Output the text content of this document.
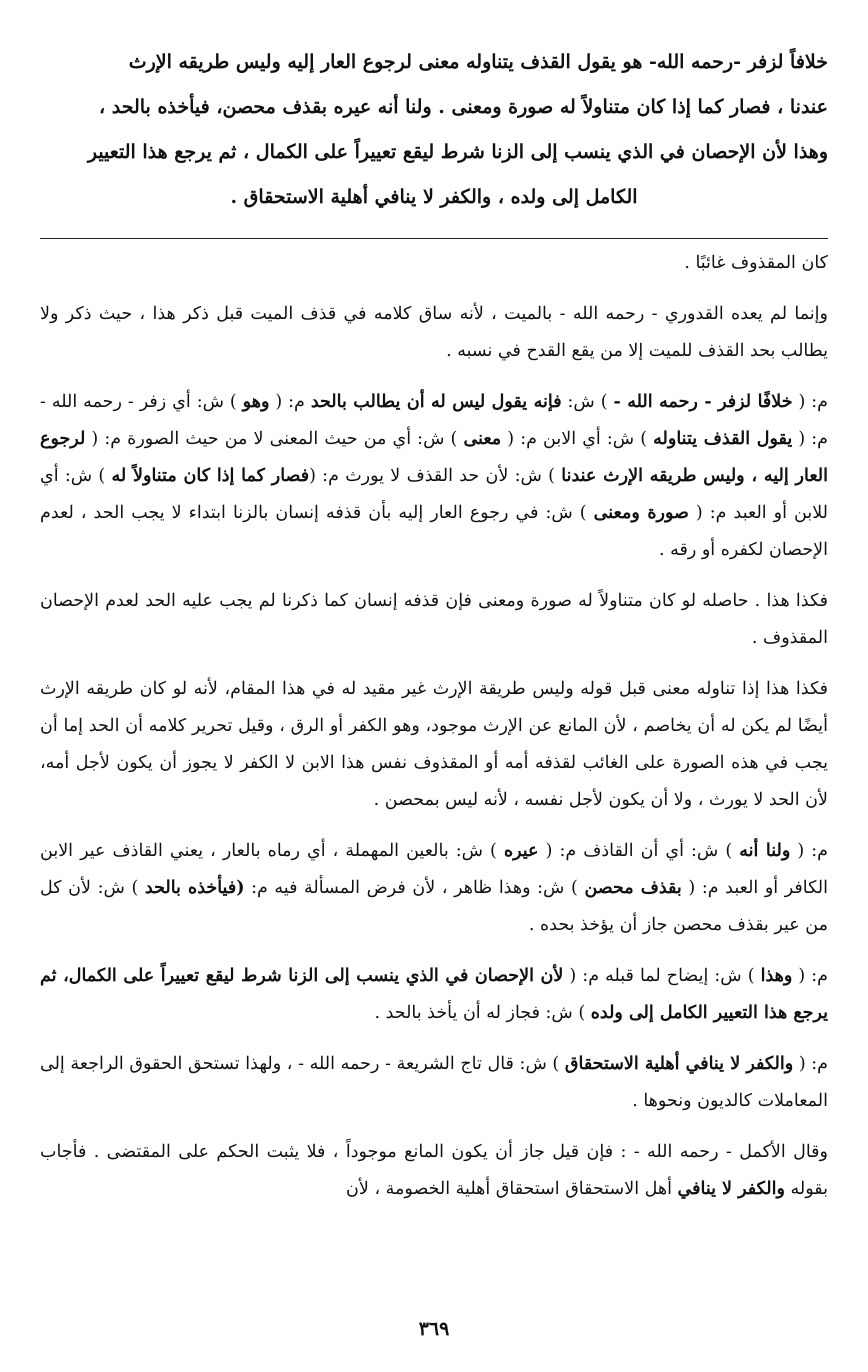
خلافاً لزفر -رحمه الله- هو يقول القذف يتناوله معنى لرجوع العار إليه وليس طريقه الإرث

عندنا ، فصار كما إذا كان متناولاً له صورة ومعنى . ولنا أنه عيره بقذف محصن، فيأخذه بالحد ،

وهذا لأن الإحصان في الذي ينسب إلى الزنا شرط ليقع تعييراً على الكمال ، ثم يرجع هذا التعيير

الكامل إلى ولده ، والكفر لا ينافي أهلية الاستحقاق .

كان المقذوف غائبًا .

وإنما لم يعده القدوري - رحمه الله - بالميت ، لأنه ساق كلامه في قذف الميت قبل ذكر هذا ، حيث ذكر ولا يطالب بحد القذف للميت إلا من يقع القدح في نسبه .

م: ( خلافًا لزفر - رحمه الله - ) ش: فإنه يقول ليس له أن يطالب بالحد م: ( وهو ) ش: أي زفر - رحمه الله - م: ( يقول القذف يتناوله ) ش: أي الابن م: ( معنى ) ش: أي من حيث المعنى لا من حيث الصورة م: ( لرجوع العار إليه ، وليس طريقه الإرث عندنا ) ش: لأن حد القذف لا يورث م: (فصار كما إذا كان متناولاً له ) ش: أي للابن أو العبد م: ( صورة ومعنى ) ش: في رجوع العار إليه بأن قذفه إنسان بالزنا ابتداء لا يجب الحد ، لعدم الإحصان لكفره أو رقه .

فكذا هذا . حاصله لو كان متناولاً له صورة ومعنى فإن قذفه إنسان كما ذكرنا لم يجب عليه الحد لعدم الإحصان المقذوف .

فكذا هذا إذا تناوله معنى قبل قوله وليس طريقة الإرث غير مقيد له في هذا المقام، لأنه لو كان طريقه الإرث أيضًا لم يكن له أن يخاصم ، لأن المانع عن الإرث موجود، وهو الكفر أو الرق ، وقيل تحرير كلامه أن الحد إما أن يجب في هذه الصورة على الغائب لقذفه أمه أو المقذوف نفس هذا الابن لا الكفر لا يجوز أن يكون لأجل أمه، لأن الحد لا يورث ، ولا أن يكون لأجل نفسه ، لأنه ليس بمحصن .

م: ( ولنا أنه ) ش: أي أن القاذف م: ( عيره ) ش: بالعين المهملة ، أي رماه بالعار ، يعني القاذف عير الابن الكافر أو العبد م: ( بقذف محصن ) ش: وهذا ظاهر ، لأن فرض المسألة فيه م: (فيأخذه بالحد ) ش: لأن كل من عير بقذف محصن جاز أن يؤخذ بحده .

م: ( وهذا ) ش: إيضاح لما قبله م: ( لأن الإحصان في الذي ينسب إلى الزنا شرط ليقع تعييراً على الكمال، ثم يرجع هذا التعيير الكامل إلى ولده ) ش: فجاز له أن يأخذ بالحد .

م: ( والكفر لا ينافي أهلية الاستحقاق ) ش: قال تاج الشريعة - رحمه الله - ، ولهذا تستحق الحقوق الراجعة إلى المعاملات كالديون ونحوها .

وقال الأكمل - رحمه الله - : فإن قيل جاز أن يكون المانع موجوداً ، فلا يثبت الحكم على المقتضى . فأجاب بقوله والكفر لا ينافي أهل الاستحقاق استحقاق أهلية الخصومة ، لأن

٣٦٩
